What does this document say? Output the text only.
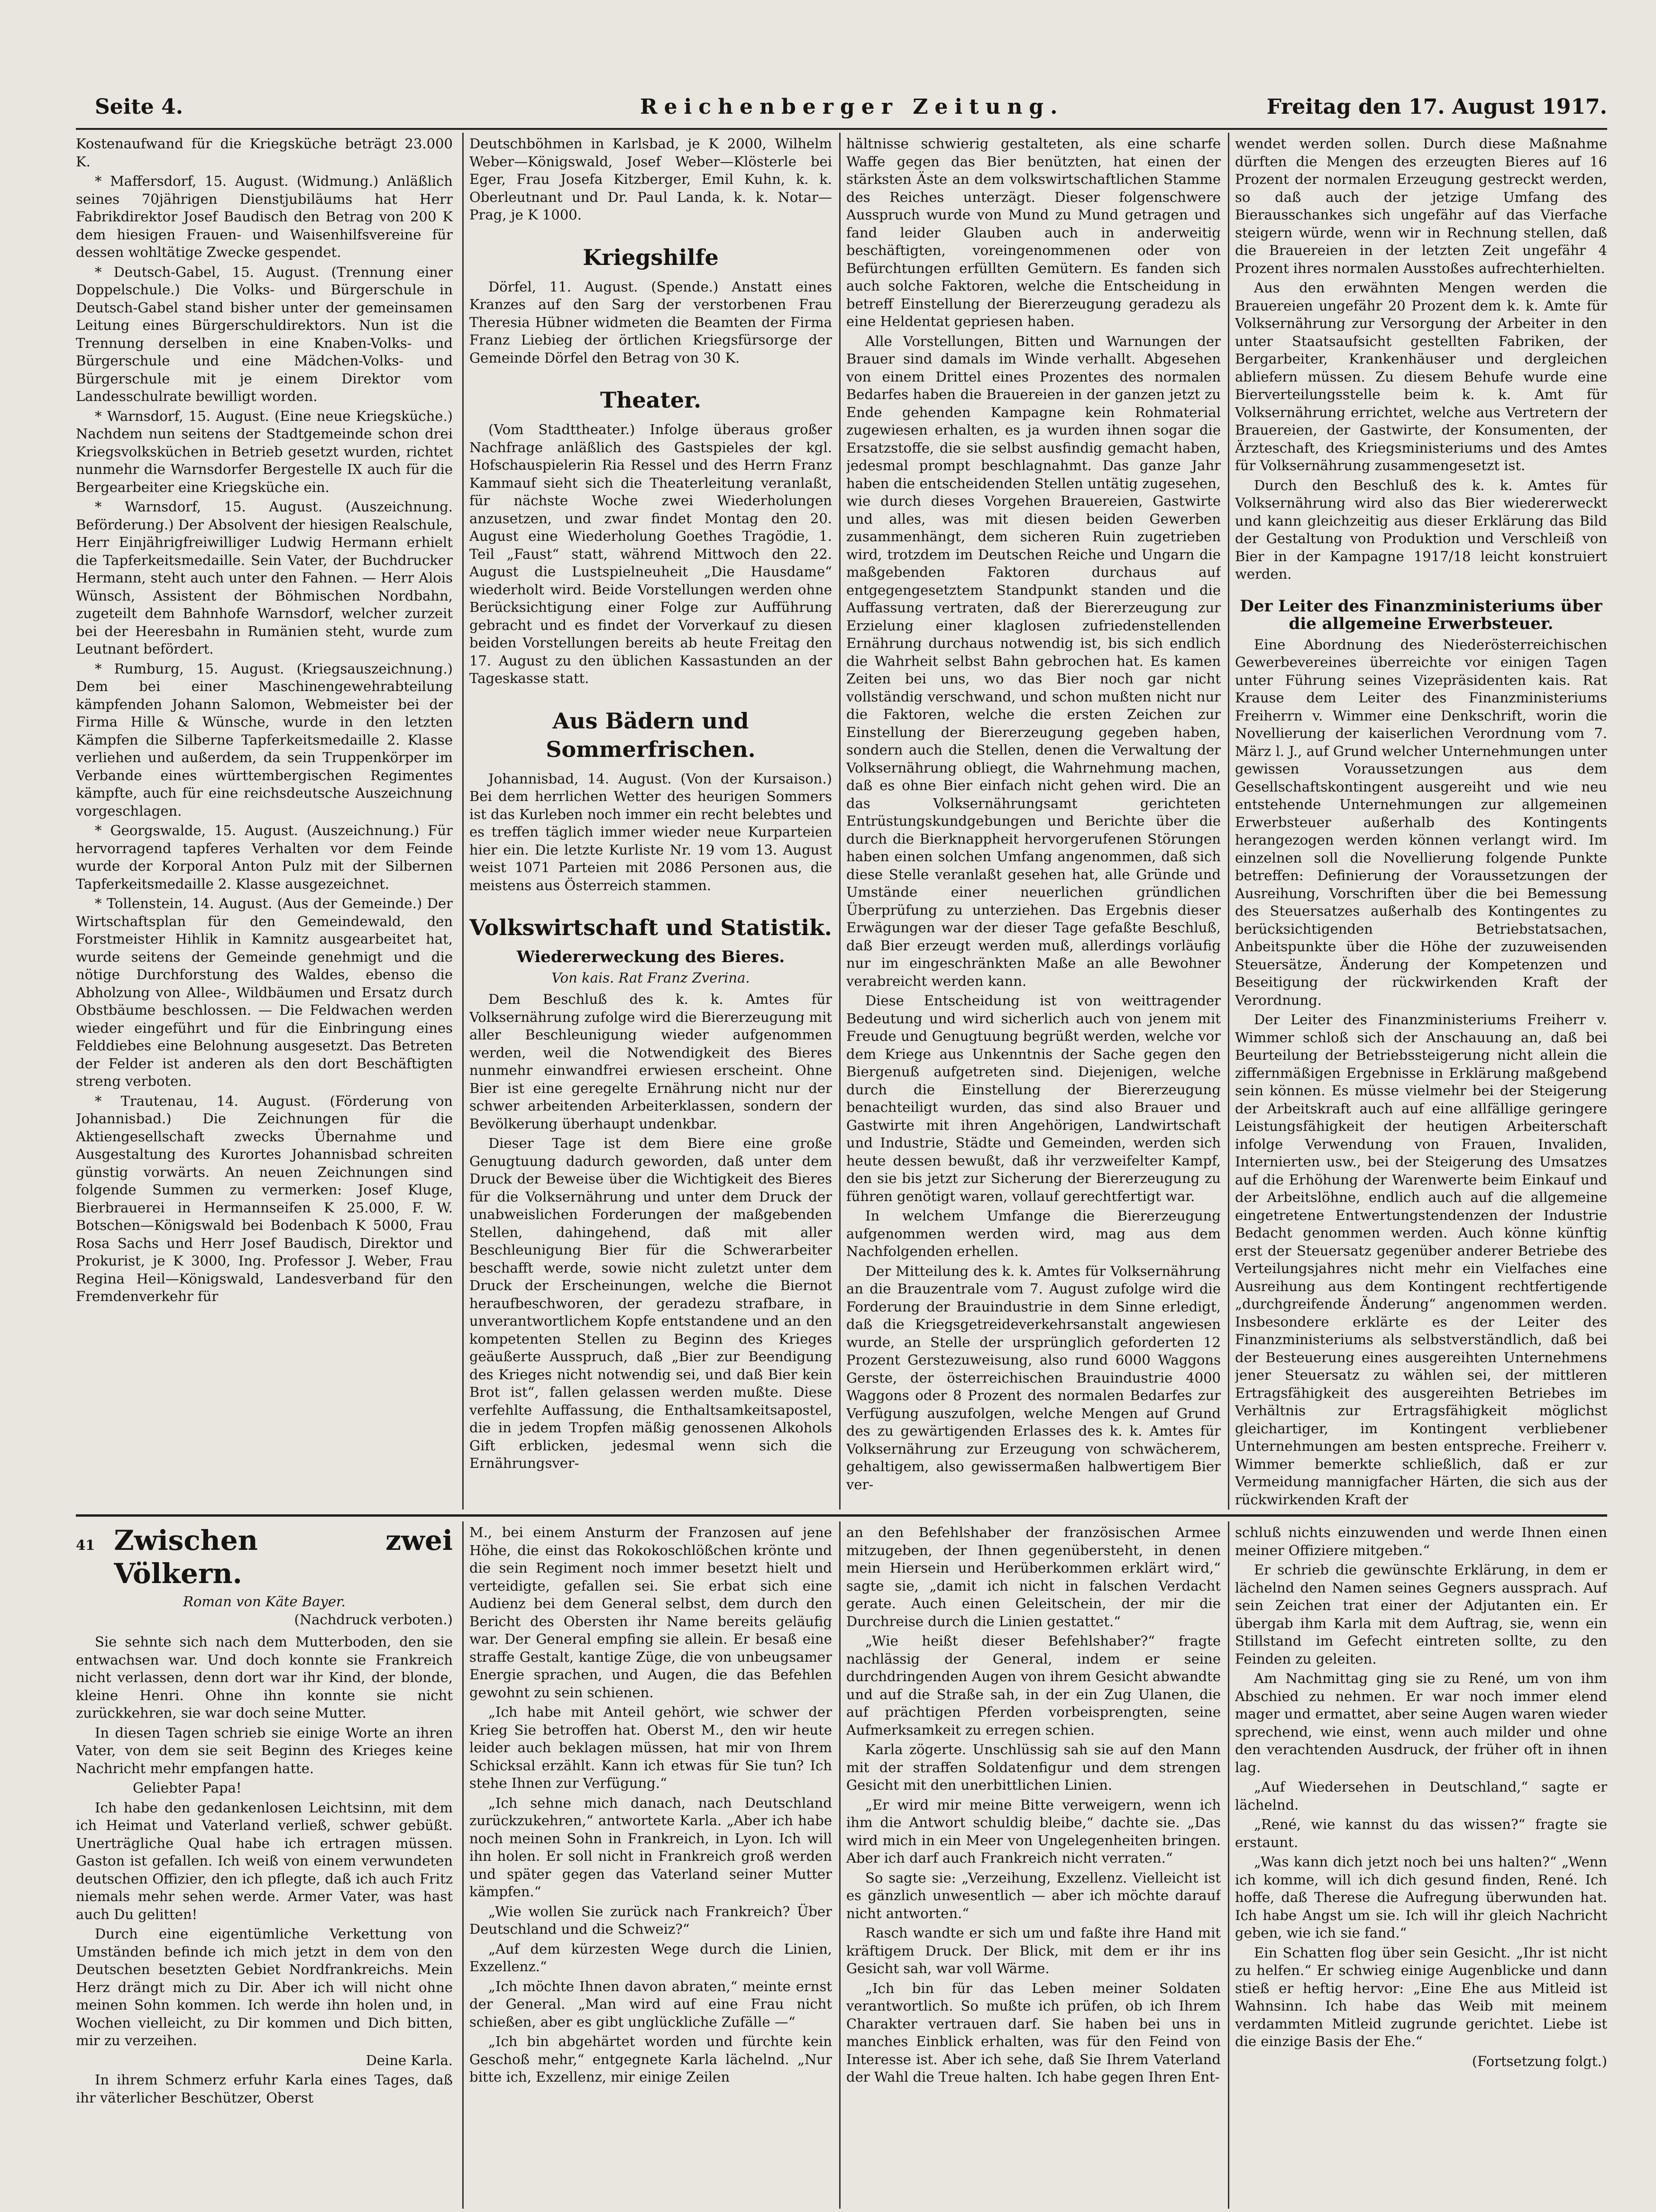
Seite 4.	Reichenberger Zeitung.	Freitag den 17. August 1917.

Kostenaufwand für die Kriegsküche beträgt 23.000 K.

* Maffersdorf, 15. August. (Widmung.) Anläßlich seines 70jährigen Dienstjubiläums hat Herr Fabrikdirektor Josef Baudisch den Betrag von 200 K dem hiesigen Frauen- und Waisenhilfsvereine für dessen wohltätige Zwecke gespendet.

* Deutsch-Gabel, 15. August. (Trennung einer Doppelschule.) Die Volks- und Bürgerschule in Deutsch-Gabel stand bisher unter der gemeinsamen Leitung eines Bürgerschuldirektors. Nun ist die Trennung derselben in eine Knaben-Volks- und Bürgerschule und eine Mädchen-Volks- und Bürgerschule mit je einem Direktor vom Landesschulrate bewilligt worden.

* Warnsdorf, 15. August. (Eine neue Kriegsküche.) Nachdem nun seitens der Stadtgemeinde schon drei Kriegsvolksküchen in Betrieb gesetzt wurden, richtet nunmehr die Warnsdorfer Bergestelle IX auch für die Bergearbeiter eine Kriegsküche ein.

* Warnsdorf, 15. August. (Auszeichnung. Beförderung.) Der Absolvent der hiesigen Realschule, Herr Einjährigfreiwilliger Ludwig Hermann erhielt die Tapferkeitsmedaille. Sein Vater, der Buchdrucker Hermann, steht auch unter den Fahnen. — Herr Alois Wünsch, Assistent der Böhmischen Nordbahn, zugeteilt dem Bahnhofe Warnsdorf, welcher zurzeit bei der Heeresbahn in Rumänien steht, wurde zum Leutnant befördert.

* Rumburg, 15. August. (Kriegsauszeichnung.) Dem bei einer Maschinengewehrabteilung kämpfenden Johann Salomon, Webmeister bei der Firma Hille & Wünsche, wurde in den letzten Kämpfen die Silberne Tapferkeitsmedaille 2. Klasse verliehen und außerdem, da sein Truppenkörper im Verbande eines württembergischen Regimentes kämpfte, auch für eine reichsdeutsche Auszeichnung vorgeschlagen.

* Georgswalde, 15. August. (Auszeichnung.) Für hervorragend tapferes Verhalten vor dem Feinde wurde der Korporal Anton Pulz mit der Silbernen Tapferkeitsmedaille 2. Klasse ausgezeichnet.

* Tollenstein, 14. August. (Aus der Gemeinde.) Der Wirtschaftsplan für den Gemeindewald, den Forstmeister Hihlik in Kamnitz ausgearbeitet hat, wurde seitens der Gemeinde genehmigt und die nötige Durchforstung des Waldes, ebenso die Abholzung von Allee-, Wildbäumen und Ersatz durch Obstbäume beschlossen. — Die Feldwachen werden wieder eingeführt und für die Einbringung eines Felddiebes eine Belohnung ausgesetzt. Das Betreten der Felder ist anderen als den dort Beschäftigten streng verboten.

* Trautenau, 14. August. (Förderung von Johannisbad.) Die Zeichnungen für die Aktiengesellschaft zwecks Übernahme und Ausgestaltung des Kurortes Johannisbad schreiten günstig vorwärts. An neuen Zeichnungen sind folgende Summen zu vermerken: Josef Kluge, Bierbrauerei in Hermannseifen K 25.000, F. W. Botschen—Königswald bei Bodenbach K 5000, Frau Rosa Sachs und Herr Josef Baudisch, Direktor und Prokurist, je K 3000, Ing. Professor J. Weber, Frau Regina Heil—Königswald, Landesverband für den Fremdenverkehr für

Deutschböhmen in Karlsbad, je K 2000, Wilhelm Weber—Königswald, Josef Weber—Klösterle bei Eger, Frau Josefa Kitzberger, Emil Kuhn, k. k. Oberleutnant und Dr. Paul Landa, k. k. Notar—Prag, je K 1000.

Kriegshilfe

Dörfel, 11. August. (Spende.) Anstatt eines Kranzes auf den Sarg der verstorbenen Frau Theresia Hübner widmeten die Beamten der Firma Franz Liebieg der örtlichen Kriegsfürsorge der Gemeinde Dörfel den Betrag von 30 K.

Theater.

(Vom Stadttheater.) Infolge überaus großer Nachfrage anläßlich des Gastspieles der kgl. Hofschauspielerin Ria Ressel und des Herrn Franz Kammauf sieht sich die Theaterleitung veranlaßt, für nächste Woche zwei Wiederholungen anzusetzen, und zwar findet Montag den 20. August eine Wiederholung Goethes Tragödie, 1. Teil „Faust“ statt, während Mittwoch den 22. August die Lustspielneuheit „Die Hausdame“ wiederholt wird. Beide Vorstellungen werden ohne Berücksichtigung einer Folge zur Aufführung gebracht und es findet der Vorverkauf zu diesen beiden Vorstellungen bereits ab heute Freitag den 17. August zu den üblichen Kassastunden an der Tageskasse statt.

Aus Bädern und Sommerfrischen.

Johannisbad, 14. August. (Von der Kursaison.) Bei dem herrlichen Wetter des heurigen Sommers ist das Kurleben noch immer ein recht belebtes und es treffen täglich immer wieder neue Kurparteien hier ein. Die letzte Kurliste Nr. 19 vom 13. August weist 1071 Parteien mit 2086 Personen aus, die meistens aus Österreich stammen.

Volkswirtschaft und Statistik.
Wiedererweckung des Bieres.
Von kais. Rat Franz Zverina.

Dem Beschluß des k. k. Amtes für Volksernährung zufolge wird die Biererzeugung mit aller Beschleunigung wieder aufgenommen werden, weil die Notwendigkeit des Bieres nunmehr einwandfrei erwiesen erscheint. Ohne Bier ist eine geregelte Ernährung nicht nur der schwer arbeitenden Arbeiterklassen, sondern der Bevölkerung überhaupt undenkbar.

Dieser Tage ist dem Biere eine große Genugtuung dadurch geworden, daß unter dem Druck der Beweise über die Wichtigkeit des Bieres für die Volksernährung und unter dem Druck der unabweislichen Forderungen der maßgebenden Stellen, dahingehend, daß mit aller Beschleunigung Bier für die Schwerarbeiter beschafft werde, sowie nicht zuletzt unter dem Druck der Erscheinungen, welche die Biernot heraufbeschworen, der geradezu strafbare, in unverantwortlichem Kopfe entstandene und an den kompetenten Stellen zu Beginn des Krieges geäußerte Ausspruch, daß „Bier zur Beendigung des Krieges nicht notwendig sei, und daß Bier kein Brot ist“, fallen gelassen werden mußte. Diese verfehlte Auffassung, die Enthaltsamkeitsapostel, die in jedem Tropfen mäßig genossenen Alkohols Gift erblicken, jedesmal wenn sich die Ernährungsver-

hältnisse schwierig gestalteten, als eine scharfe Waffe gegen das Bier benützten, hat einen der stärksten Äste an dem volkswirtschaftlichen Stamme des Reiches unterzägt. Dieser folgenschwere Ausspruch wurde von Mund zu Mund getragen und fand leider Glauben auch in anderweitig beschäftigten, voreingenommenen oder von Befürchtungen erfüllten Gemütern. Es fanden sich auch solche Faktoren, welche die Entscheidung in betreff Einstellung der Biererzeugung geradezu als eine Heldentat gepriesen haben.

Alle Vorstellungen, Bitten und Warnungen der Brauer sind damals im Winde verhallt. Abgesehen von einem Drittel eines Prozentes des normalen Bedarfes haben die Brauereien in der ganzen jetzt zu Ende gehenden Kampagne kein Rohmaterial zugewiesen erhalten, es ja wurden ihnen sogar die Ersatzstoffe, die sie selbst ausfindig gemacht haben, jedesmal prompt beschlagnahmt. Das ganze Jahr haben die entscheidenden Stellen untätig zugesehen, wie durch dieses Vorgehen Brauereien, Gastwirte und alles, was mit diesen beiden Gewerben zusammenhängt, dem sicheren Ruin zugetrieben wird, trotzdem im Deutschen Reiche und Ungarn die maßgebenden Faktoren durchaus auf entgegengesetztem Standpunkt standen und die Auffassung vertraten, daß der Biererzeugung zur Erzielung einer klaglosen zufriedenstellenden Ernährung durchaus notwendig ist, bis sich endlich die Wahrheit selbst Bahn gebrochen hat. Es kamen Zeiten bei uns, wo das Bier noch gar nicht vollständig verschwand, und schon mußten nicht nur die Faktoren, welche die ersten Zeichen zur Einstellung der Biererzeugung gegeben haben, sondern auch die Stellen, denen die Verwaltung der Volksernährung obliegt, die Wahrnehmung machen, daß es ohne Bier einfach nicht gehen wird. Die an das Volksernährungsamt gerichteten Entrüstungskundgebungen und Berichte über die durch die Bierknappheit hervorgerufenen Störungen haben einen solchen Umfang angenommen, daß sich diese Stelle veranlaßt gesehen hat, alle Gründe und Umstände einer neuerlichen gründlichen Überprüfung zu unterziehen. Das Ergebnis dieser Erwägungen war der dieser Tage gefaßte Beschluß, daß Bier erzeugt werden muß, allerdings vorläufig nur im eingeschränkten Maße an alle Bewohner verabreicht werden kann.

Diese Entscheidung ist von weittragender Bedeutung und wird sicherlich auch von jenem mit Freude und Genugtuung begrüßt werden, welche vor dem Kriege aus Unkenntnis der Sache gegen den Biergenuß aufgetreten sind. Diejenigen, welche durch die Einstellung der Biererzeugung benachteiligt wurden, das sind also Brauer und Gastwirte mit ihren Angehörigen, Landwirtschaft und Industrie, Städte und Gemeinden, werden sich heute dessen bewußt, daß ihr verzweifelter Kampf, den sie bis jetzt zur Sicherung der Biererzeugung zu führen genötigt waren, vollauf gerechtfertigt war.

In welchem Umfange die Biererzeugung aufgenommen werden wird, mag aus dem Nachfolgenden erhellen.

Der Mitteilung des k. k. Amtes für Volksernährung an die Brauzentrale vom 7. August zufolge wird die Forderung der Brauindustrie in dem Sinne erledigt, daß die Kriegsgetreideverkehrsanstalt angewiesen wurde, an Stelle der ursprünglich geforderten 12 Prozent Gerstezuweisung, also rund 6000 Waggons Gerste, der österreichischen Brauindustrie 4000 Waggons oder 8 Prozent des normalen Bedarfes zur Verfügung auszufolgen, welche Mengen auf Grund des zu gewärtigenden Erlasses des k. k. Amtes für Volksernährung zur Erzeugung von schwächerem, gehaltigem, also gewissermaßen halbwertigem Bier ver-

wendet werden sollen. Durch diese Maßnahme dürften die Mengen des erzeugten Bieres auf 16 Prozent der normalen Erzeugung gestreckt werden, so daß auch der jetzige Umfang des Bierausschankes sich ungefähr auf das Vierfache steigern würde, wenn wir in Rechnung stellen, daß die Brauereien in der letzten Zeit ungefähr 4 Prozent ihres normalen Ausstoßes aufrechterhielten.

Aus den erwähnten Mengen werden die Brauereien ungefähr 20 Prozent dem k. k. Amte für Volksernährung zur Versorgung der Arbeiter in den unter Staatsaufsicht gestellten Fabriken, der Bergarbeiter, Krankenhäuser und dergleichen abliefern müssen. Zu diesem Behufe wurde eine Bierverteilungsstelle beim k. k. Amt für Volksernährung errichtet, welche aus Vertretern der Brauereien, der Gastwirte, der Konsumenten, der Ärzteschaft, des Kriegsministeriums und des Amtes für Volksernährung zusammengesetzt ist.

Durch den Beschluß des k. k. Amtes für Volksernährung wird also das Bier wiedererweckt und kann gleichzeitig aus dieser Erklärung das Bild der Gestaltung von Produktion und Verschleiß von Bier in der Kampagne 1917/18 leicht konstruiert werden.

Der Leiter des Finanzministeriums über die allgemeine Erwerbsteuer.

Eine Abordnung des Niederösterreichischen Gewerbevereines überreichte vor einigen Tagen unter Führung seines Vizepräsidenten kais. Rat Krause dem Leiter des Finanzministeriums Freiherrn v. Wimmer eine Denkschrift, worin die Novellierung der kaiserlichen Verordnung vom 7. März l. J., auf Grund welcher Unternehmungen unter gewissen Voraussetzungen aus dem Gesellschaftskontingent ausgereiht und wie neu entstehende Unternehmungen zur allgemeinen Erwerbsteuer außerhalb des Kontingents herangezogen werden können verlangt wird. Im einzelnen soll die Novellierung folgende Punkte betreffen: Definierung der Voraussetzungen der Ausreihung, Vorschriften über die bei Bemessung des Steuersatzes außerhalb des Kontingentes zu berücksichtigenden Betriebstatsachen, Anbeitspunkte über die Höhe der zuzuweisenden Steuersätze, Änderung der Kompetenzen und Beseitigung der rückwirkenden Kraft der Verordnung.

Der Leiter des Finanzministeriums Freiherr v. Wimmer schloß sich der Anschauung an, daß bei Beurteilung der Betriebssteigerung nicht allein die ziffernmäßigen Ergebnisse in Erklärung maßgebend sein können. Es müsse vielmehr bei der Steigerung der Arbeitskraft auch auf eine allfällige geringere Leistungsfähigkeit der heutigen Arbeiterschaft infolge Verwendung von Frauen, Invaliden, Internierten usw., bei der Steigerung des Umsatzes auf die Erhöhung der Warenwerte beim Einkauf und der Arbeitslöhne, endlich auch auf die allgemeine eingetretene Entwertungstendenzen der Industrie Bedacht genommen werden. Auch könne künftig erst der Steuersatz gegenüber anderer Betriebe des Verteilungsjahres nicht mehr ein Vielfaches eine Ausreihung aus dem Kontingent rechtfertigende „durchgreifende Änderung“ angenommen werden. Insbesondere erklärte es der Leiter des Finanzministeriums als selbstverständlich, daß bei der Besteuerung eines ausgereihten Unternehmens jener Steuersatz zu wählen sei, der mittleren Ertragsfähigkeit des ausgereihten Betriebes im Verhältnis zur Ertragsfähigkeit möglichst gleichartiger, im Kontingent verbliebener Unternehmungen am besten entspreche. Freiherr v. Wimmer bemerkte schließlich, daß er zur Vermeidung mannigfacher Härten, die sich aus der rückwirkenden Kraft der

41 Zwischen zwei Völkern.
Roman von Käte Bayer.
(Nachdruck verboten.)

Sie sehnte sich nach dem Mutterboden, den sie entwachsen war. Und doch konnte sie Frankreich nicht verlassen, denn dort war ihr Kind, der blonde, kleine Henri. Ohne ihn konnte sie nicht zurückkehren, sie war doch seine Mutter.

In diesen Tagen schrieb sie einige Worte an ihren Vater, von dem sie seit Beginn des Krieges keine Nachricht mehr empfangen hatte.

Geliebter Papa!

Ich habe den gedankenlosen Leichtsinn, mit dem ich Heimat und Vaterland verließ, schwer gebüßt. Unerträgliche Qual habe ich ertragen müssen. Gaston ist gefallen. Ich weiß von einem verwundeten deutschen Offizier, den ich pflegte, daß ich auch Fritz niemals mehr sehen werde. Armer Vater, was hast auch Du gelitten!

Durch eine eigentümliche Verkettung von Umständen befinde ich mich jetzt in dem von den Deutschen besetzten Gebiet Nordfrankreichs. Mein Herz drängt mich zu Dir. Aber ich will nicht ohne meinen Sohn kommen. Ich werde ihn holen und, in Wochen vielleicht, zu Dir kommen und Dich bitten, mir zu verzeihen.

Deine Karla.

In ihrem Schmerz erfuhr Karla eines Tages, daß ihr väterlicher Beschützer, Oberst

M., bei einem Ansturm der Franzosen auf jene Höhe, die einst das Rokokoschlößchen krönte und die sein Regiment noch immer besetzt hielt und verteidigte, gefallen sei. Sie erbat sich eine Audienz bei dem General selbst, dem durch den Bericht des Obersten ihr Name bereits geläufig war. Der General empfing sie allein. Er besaß eine straffe Gestalt, kantige Züge, die von unbeugsamer Energie sprachen, und Augen, die das Befehlen gewohnt zu sein schienen.

„Ich habe mit Anteil gehört, wie schwer der Krieg Sie betroffen hat. Oberst M., den wir heute leider auch beklagen müssen, hat mir von Ihrem Schicksal erzählt. Kann ich etwas für Sie tun? Ich stehe Ihnen zur Verfügung.“

„Ich sehne mich danach, nach Deutschland zurückzukehren,“ antwortete Karla. „Aber ich habe noch meinen Sohn in Frankreich, in Lyon. Ich will ihn holen. Er soll nicht in Frankreich groß werden und später gegen das Vaterland seiner Mutter kämpfen.“

„Wie wollen Sie zurück nach Frankreich? Über Deutschland und die Schweiz?“

„Auf dem kürzesten Wege durch die Linien, Exzellenz.“

„Ich möchte Ihnen davon abraten,“ meinte ernst der General. „Man wird auf eine Frau nicht schießen, aber es gibt unglückliche Zufälle —“

„Ich bin abgehärtet worden und fürchte kein Geschoß mehr,“ entgegnete Karla lächelnd. „Nur bitte ich, Exzellenz, mir einige Zeilen

an den Befehlshaber der französischen Armee mitzugeben, der Ihnen gegenübersteht, in denen mein Hiersein und Herüberkommen erklärt wird,“ sagte sie, „damit ich nicht in falschen Verdacht gerate. Auch einen Geleitschein, der mir die Durchreise durch die Linien gestattet.“

„Wie heißt dieser Befehlshaber?“ fragte nachlässig der General, indem er seine durchdringenden Augen von ihrem Gesicht abwandte und auf die Straße sah, in der ein Zug Ulanen, die auf prächtigen Pferden vorbeisprengten, seine Aufmerksamkeit zu erregen schien.

Karla zögerte. Unschlüssig sah sie auf den Mann mit der straffen Soldatenfigur und dem strengen Gesicht mit den unerbittlichen Linien.

„Er wird mir meine Bitte verweigern, wenn ich ihm die Antwort schuldig bleibe,“ dachte sie. „Das wird mich in ein Meer von Ungelegenheiten bringen. Aber ich darf auch Frankreich nicht verraten.“

So sagte sie: „Verzeihung, Exzellenz. Vielleicht ist es gänzlich unwesentlich — aber ich möchte darauf nicht antworten.“

Rasch wandte er sich um und faßte ihre Hand mit kräftigem Druck. Der Blick, mit dem er ihr ins Gesicht sah, war voll Wärme.

„Ich bin für das Leben meiner Soldaten verantwortlich. So mußte ich prüfen, ob ich Ihrem Charakter vertrauen darf. Sie haben bei uns in manches Einblick erhalten, was für den Feind von Interesse ist. Aber ich sehe, daß Sie Ihrem Vaterland der Wahl die Treue halten. Ich habe gegen Ihren Ent-

schluß nichts einzuwenden und werde Ihnen einen meiner Offiziere mitgeben.“

Er schrieb die gewünschte Erklärung, in dem er lächelnd den Namen seines Gegners aussprach. Auf sein Zeichen trat einer der Adjutanten ein. Er übergab ihm Karla mit dem Auftrag, sie, wenn ein Stillstand im Gefecht eintreten sollte, zu den Feinden zu geleiten.

Am Nachmittag ging sie zu René, um von ihm Abschied zu nehmen. Er war noch immer elend mager und ermattet, aber seine Augen waren wieder sprechend, wie einst, wenn auch milder und ohne den verachtenden Ausdruck, der früher oft in ihnen lag.

„Auf Wiedersehen in Deutschland,“ sagte er lächelnd.

„René, wie kannst du das wissen?“ fragte sie erstaunt.

„Was kann dich jetzt noch bei uns halten?“ „Wenn ich komme, will ich dich gesund finden, René. Ich hoffe, daß Therese die Aufregung überwunden hat. Ich habe Angst um sie. Ich will ihr gleich Nachricht geben, wie ich sie fand.“

Ein Schatten flog über sein Gesicht. „Ihr ist nicht zu helfen.“ Er schwieg einige Augenblicke und dann stieß er heftig hervor: „Eine Ehe aus Mitleid ist Wahnsinn. Ich habe das Weib mit meinem verdammten Mitleid zugrunde gerichtet. Liebe ist die einzige Basis der Ehe.“

(Fortsetzung folgt.)
